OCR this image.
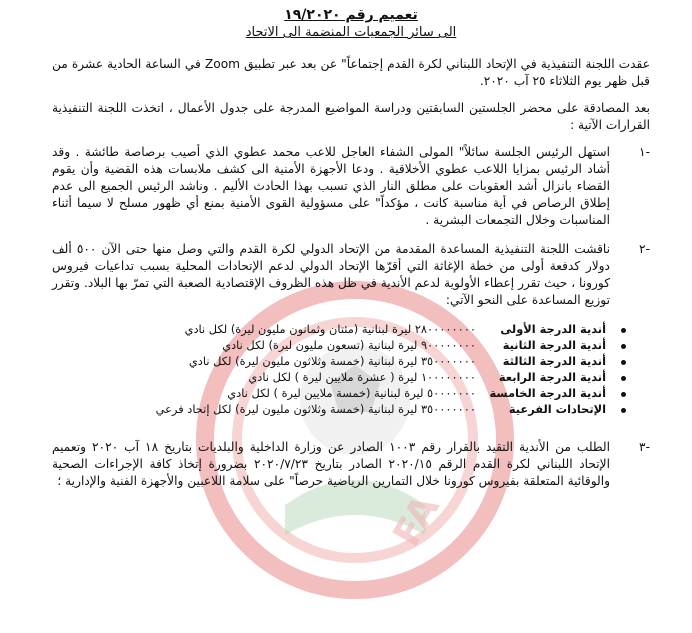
FA
تعميم رقم ١٩/٢٠٢٠
الى سائر الجمعيات المنضمة الى الاتحاد

عقدت اللجنة التنفيذية في الإتحاد اللبناني لكرة القدم إجتماعاً" عن بعد عبر تطبيق Zoom في الساعة الحادية عشرة من قبل ظهر يوم الثلاثاء ٢٥ آب ٢٠٢٠.

بعد المصادقة على محضر الجلستين السابقتين ودراسة المواضيع المدرجة على جدول الأعمال ، اتخذت اللجنة التنفيذية القرارات الآتية :

-١
استهل الرئيس الجلسة سائلاً" المولى الشفاء العاجل للاعب محمد عطوي الذي أصيب برصاصة طائشة . وقد أشاد الرئيس بمزايا اللاعب عطوي الأخلاقية . ودعا الأجهزة الأمنية الى كشف ملابسات هذه القضية وأن يقوم القضاء بانزال أشد العقوبات على مطلق النار الذي تسبب بهذا الحادث الأليم . وناشد الرئيس الجميع الى عدم إطلاق الرصاص في أية مناسبة كانت ، مؤكداً" على مسؤولية القوى الأمنية بمنع أي ظهور مسلح لا سيما أثناء المناسبات وخلال التجمعات البشرية .
-٢
ناقشت اللجنة التنفيذية المساعدة المقدمة من الإتحاد الدولي لكرة القدم والتي وصل منها حتى الآن ٥٠٠ ألف دولار كدفعة أولى من خطة الإغاثة التي أقرّها الإتحاد الدولي لدعم الإتحادات المحلية بسبب تداعيات فيروس كورونا ، حيث تقرر إعطاء الأولوية لدعم الأندية في ظل هذه الظروف الإقتصادية الصعبة التي تمرّ بها البلاد. وتقرر توزيع المساعدة على النحو الآتي:
	أندية الدرجة الأولى	٢٨٠٠٠٠٠٠٠٠ ليرة لبنانية (مئتان وثمانون مليون ليرة) لكل نادي
	أندية الدرجة الثانية	٩٠٠٠٠٠٠٠٠ ليرة لبنانية (تسعون مليون ليرة) لكل نادي
	أندية الدرجة الثالثة	٣٥٠٠٠٠٠٠٠ ليرة لبنانية (خمسة وثلاثون مليون ليرة) لكل نادي
	أندية الدرجة الرابعة	١٠٠٠٠٠٠٠٠ ليرة ( عشرة ملايين ليرة ) لكل نادي
	أندية الدرجة الخامسة	٥٠٠٠٠٠٠٠ ليرة لبنانية (خمسة ملايين ليرة ) لكل نادي
	الإتحادات الفرعية	٣٥٠٠٠٠٠٠٠ ليرة لبنانية (خمسة وثلاثون مليون ليرة) لكل إتحاد فرعي
-٣
الطلب من الأندية التقيد بالقرار رقم ١٠٠٣ الصادر عن وزارة الداخلية والبلديات بتاريخ ١٨ آب ٢٠٢٠ وتعميم الإتحاد اللبناني لكرة القدم الرقم ٢٠٢٠/١٥ الصادر بتاريخ ٢٠٢٠/٧/٢٣ بضرورة إتخاذ كافة الإجراءات الصحية والوقائية المتعلقة بفيروس كورونا خلال التمارين الرياضية حرصاً" على سلامة اللاعبين والأجهزة الفنية والإدارية ؛
